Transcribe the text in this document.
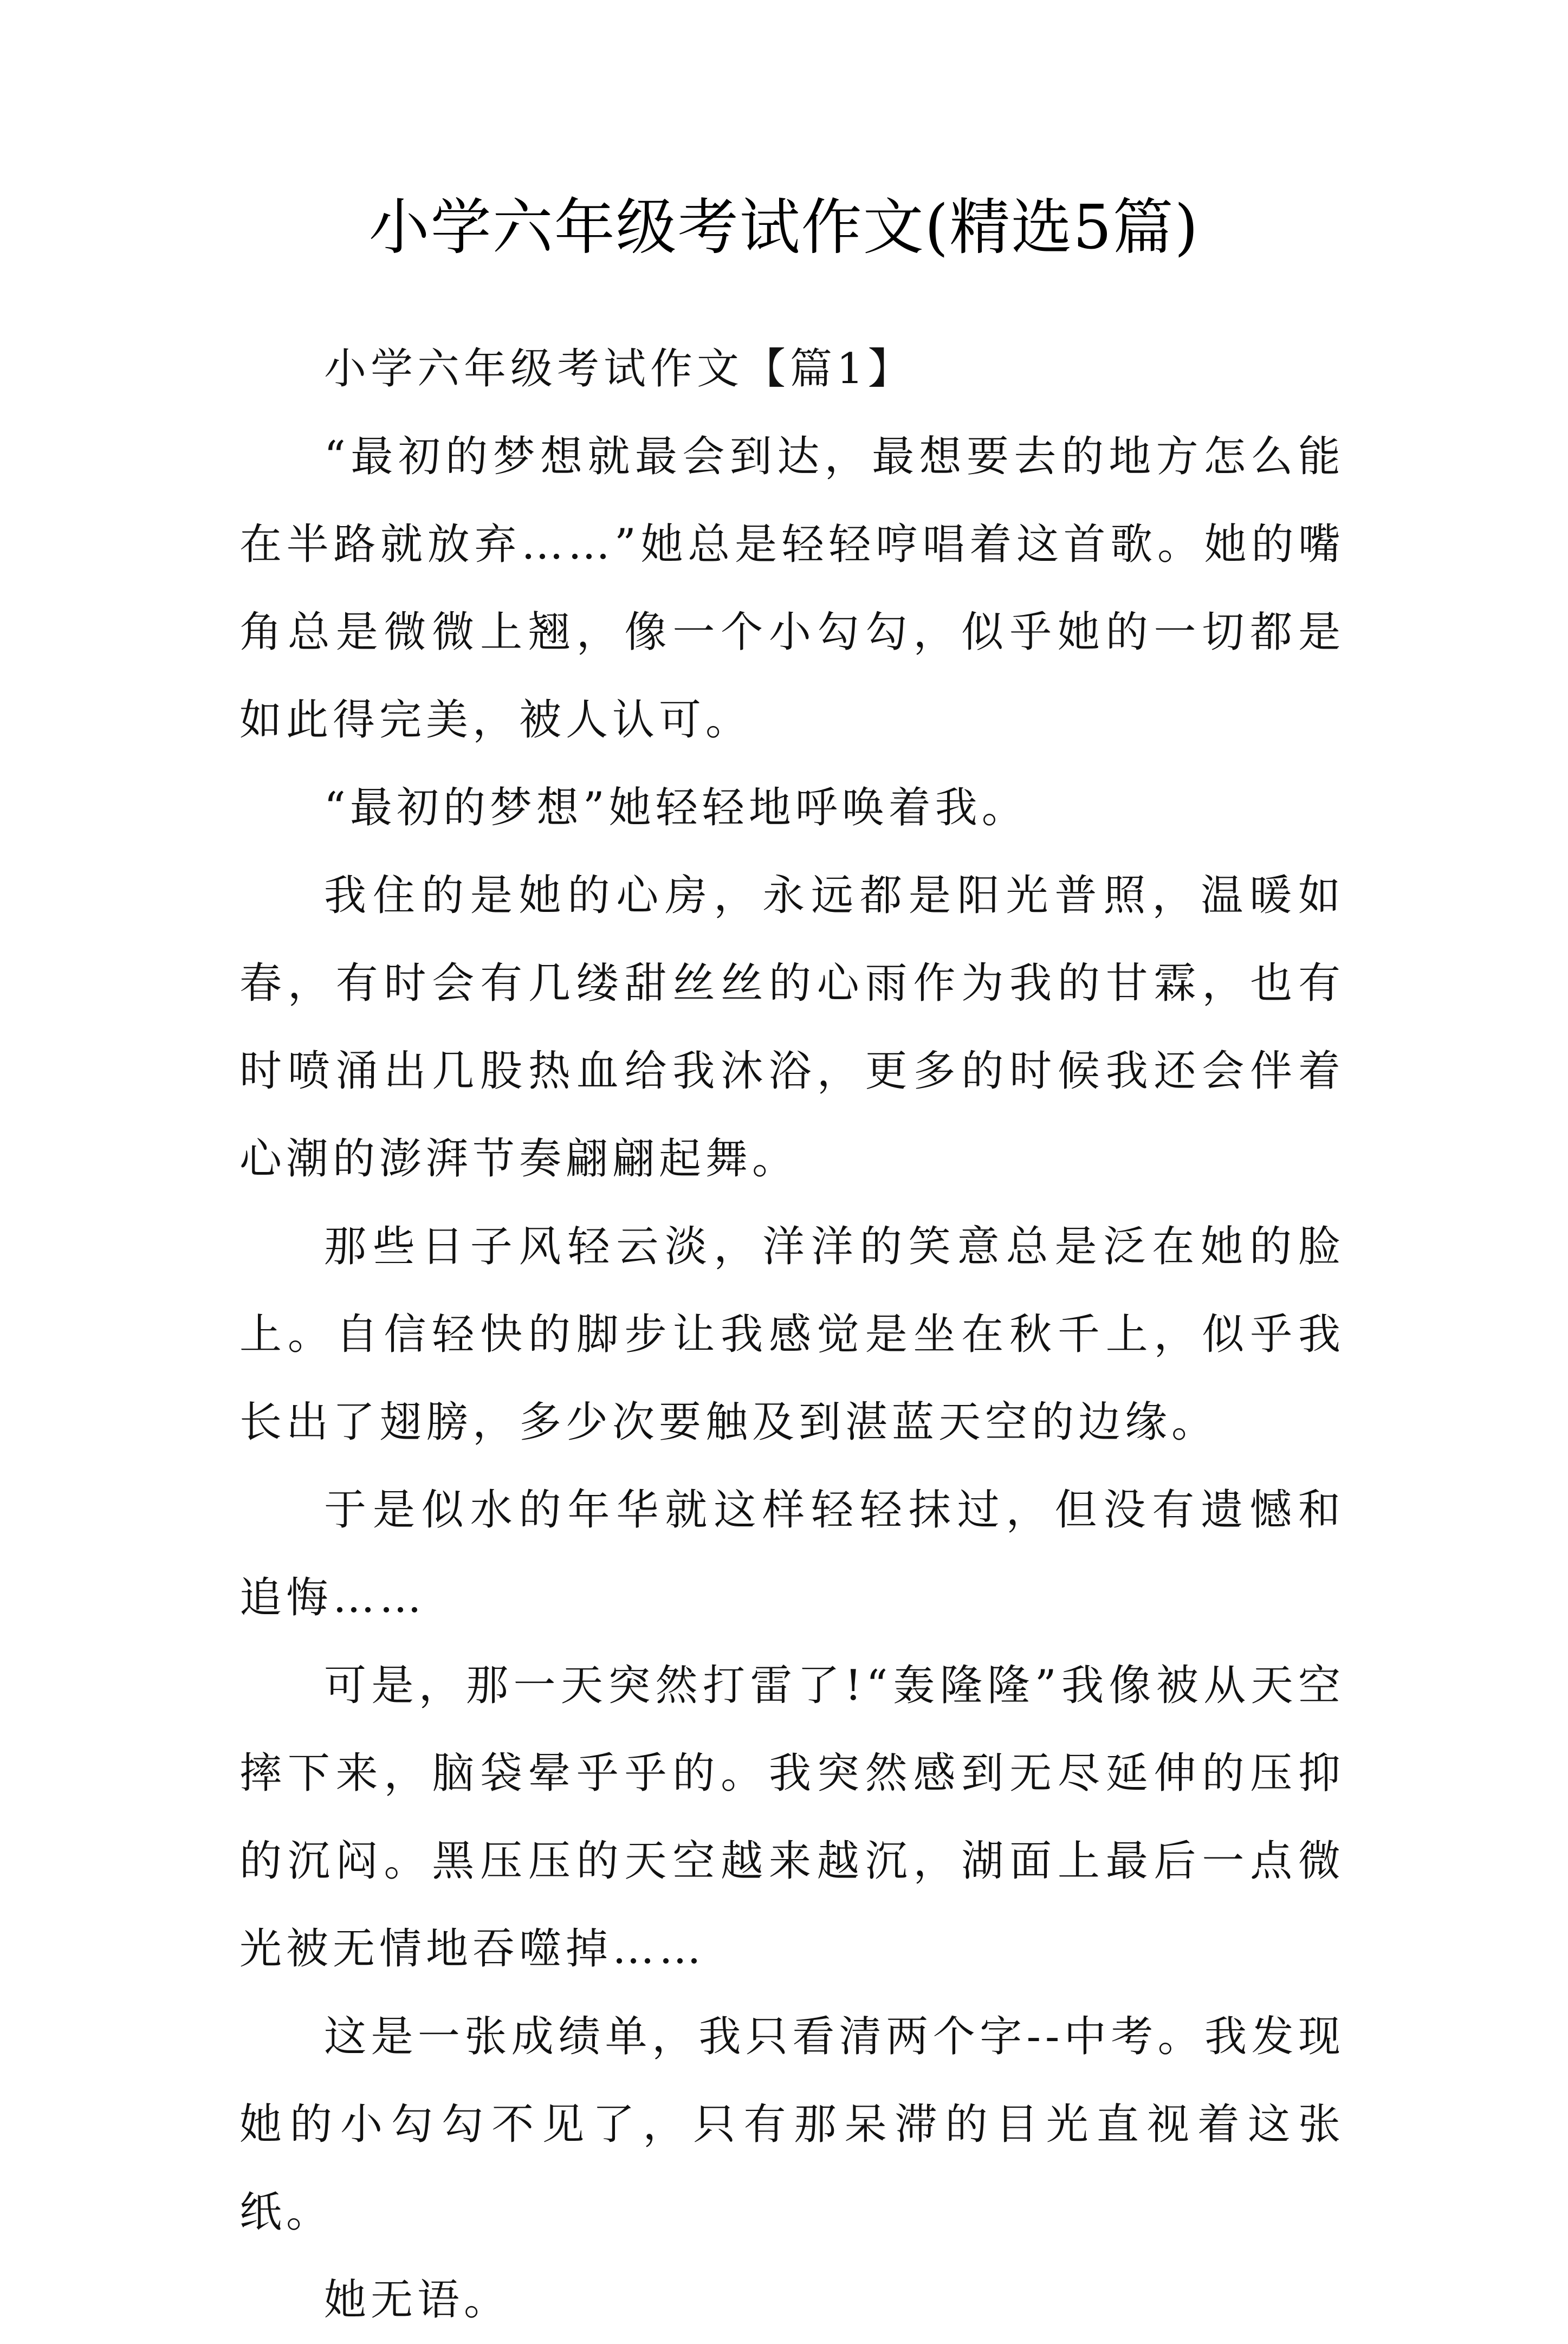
小学六年级考试作文(精选5篇)

小学六年级考试作文【篇1】

“最初的梦想就最会到达，最想要去的地方怎么能在半路就放弃……”她总是轻轻哼唱着这首歌。她的嘴角总是微微上翘，像一个小勾勾，似乎她的一切都是如此得完美，被人认可。

“最初的梦想”她轻轻地呼唤着我。

我住的是她的心房，永远都是阳光普照，温暖如春，有时会有几缕甜丝丝的心雨作为我的甘霖，也有时喷涌出几股热血给我沐浴，更多的时候我还会伴着心潮的澎湃节奏翩翩起舞。

那些日子风轻云淡，洋洋的笑意总是泛在她的脸上。自信轻快的脚步让我感觉是坐在秋千上，似乎我长出了翅膀，多少次要触及到湛蓝天空的边缘。

于是似水的年华就这样轻轻抹过，但没有遗憾和追悔……

可是，那一天突然打雷了!“轰隆隆”我像被从天空摔下来，脑袋晕乎乎的。我突然感到无尽延伸的压抑的沉闷。黑压压的天空越来越沉，湖面上最后一点微光被无情地吞噬掉……

这是一张成绩单，我只看清两个字--中考。我发现她的小勾勾不见了，只有那呆滞的目光直视着这张纸。

她无语。
